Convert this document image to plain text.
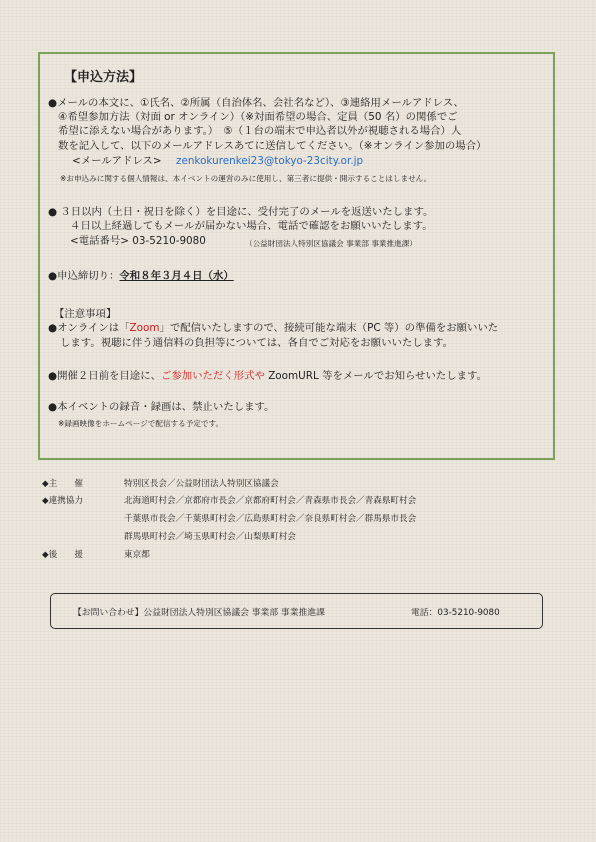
【申込方法】
●メールの本文に、①氏名、②所属（自治体名、会社名など）、③連絡用メールアドレス、
④希望参加方法（対面 or オンライン）（※対面希望の場合、定員（50 名）の関係でご
希望に添えない場合があります。）　⑤（１台の端末で申込者以外が視聴される場合）人
数を記入して、以下のメールアドレスあてに送信してください。（※オンライン参加の場合）
<メールアドレス> zenkokurenkei23@tokyo-23city.or.jp
※お申込みに関する個人情報は、本イベントの運営のみに使用し、第三者に提供・開示することはしません。
● ３日以内（土日・祝日を除く）を目途に、受付完了のメールを返送いたします。
４日以上経過してもメールが届かない場合、電話で確認をお願いいたします。
<電話番号> 03-5210-9080	（公益財団法人特別区協議会 事業部 事業推進課）
●申込締切り：令和８年３月４日（水）
【注意事項】
●オンラインは「Zoom」で配信いたしますので、接続可能な端末（PC 等）の準備をお願いいた
します。視聴に伴う通信料の負担等については、各自でご対応をお願いいたします。
●開催２日前を目途に、ご参加いただく形式や ZoomURL 等をメールでお知らせいたします。
●本イベントの録音・録画は、禁止いたします。
※録画映像をホームページで配信する予定です。
◆主　　催	特別区長会／公益財団法人特別区協議会
◆連携協力	北海道町村会／京都府市長会／京都府町村会／青森県市長会／青森県町村会
千葉県市長会／千葉県町村会／広島県町村会／奈良県町村会／群馬県市長会
群馬県町村会／埼玉県町村会／山梨県町村会
◆後　　援	東京都
【お問い合わせ】公益財団法人特別区協議会 事業部 事業推進課	電話：03-5210-9080
